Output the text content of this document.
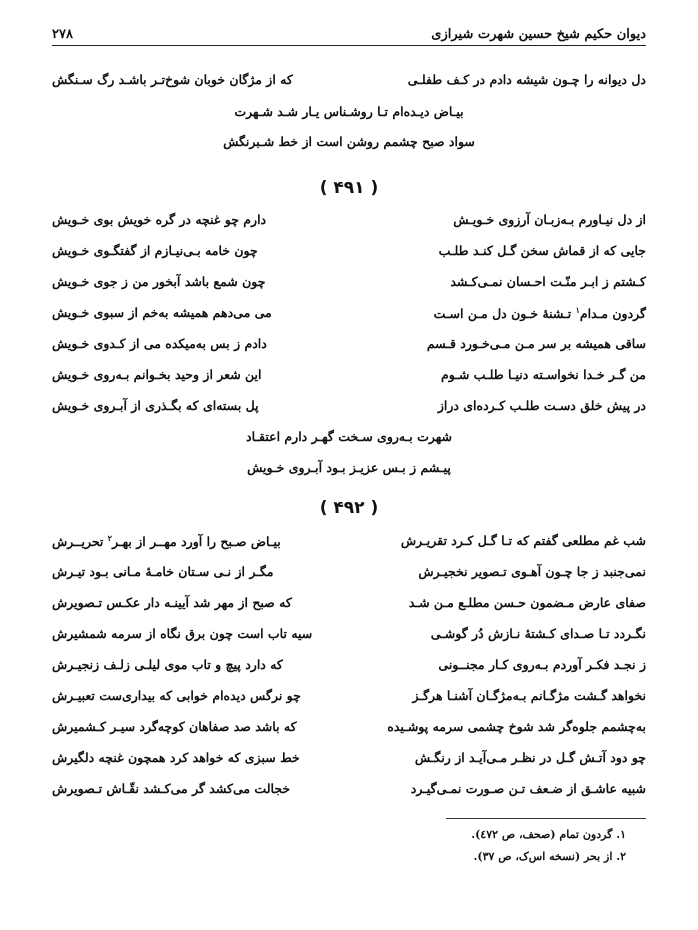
دیوان حکیم شیخ حسین شهرت شیرازی
۲۷۸
دل دیوانه را چـون شیشه دادم در کـف طفلـی
که از مژگان خوبان شوخ‌تـر باشـد رگ سـنگش
بیـاض دیـده‌ام تـا روشـناس یـار شـد شـهرت
سواد صبح چشمم روشن است از خط شـبرنگش
( ۴۹۱ )
از دل نیـاورم بـه‌زبـان آرزوی خـویـش
دارم چو غنچه در گره خویش بوی خـویش
جایی که از قماش سخن گـل کنـد طلـب
چون خامه بـی‌نیـازم از گفتگـوی خـویش
کـشتم ز ابـر منّـت احـسان نمـی‌کـشد
چون شمع باشد آبخور من ز جوی خـویش
گردون مـدام$^۱$ تـشنهٔ خـون دل مـن اسـت
می می‌دهم همیشه به‌خم از سبوی خـویش
ساقی همیشه بر سر مـن مـی‌خـورد قـسم
دادم ز بس به‌میکده می از کـدوی خـویش
من گـر خـدا نخواسـته دنیـا طلـب شـوم
این شعر از وحید بخـوانم بـه‌روی خـویش
در پیش خلق دسـت طلـب کـرده‌ای دراز
پل بسته‌ای که بگـذری از آبـروی خـویش
شهرت بـه‌روی سـخت گهـر دارم اعتقـاد
پیـشم ز بـس عزیـز بـود آبـروی خـویش
( ۴۹۲ )
شب غم مطلعی گفتم که تـا گـل کـرد تقریـرش
بیـاض صـبح را آورد مهــر از بهـر$^۲$ تحریــرش
نمی‌جنبد ز جا چـون آهـوی تـصویر نخجیـرش
مگـر از نـی سـتان خامـهٔ مـانی بـود تیـرش
صفای عارض مـضمون حـسن مطلـع مـن شـد
که صبح از مهر شد آیینـه دار عکـس تـصویرش
نگـردد تـا صـدای کـشتهٔ نـازش دُر گوشـی
سیه تاب است چون برق نگاه از سرمه شمشیرش
ز نجـد فکـر آوردم بـه‌روی کـار مجنــونی
که دارد پیچ و تاب موی لیلـی زلـف زنجیـرش
نخواهد گـشت مژگـانم بـه‌مژگـان آشنـا هرگـز
چو نرگس دیده‌ام خوابی که بیداری‌ست تعبیـرش
به‌چشمم جلوه‌گر شد شوخ چشمی سرمه پوشـیده
که باشد صد صفاهان کوچه‌گرد سیـر کـشمیرش
چو دود آتـش گـل در نظـر مـی‌آیـد از رنگـش
خط سبزی که خواهد کرد همچون غنچه دلگیرش
شبیه عاشـق از ضـعف تـن صـورت نمـی‌گیـرد
خجالت می‌کشد گر می‌کـشد نقّـاش تـصویرش
۱. گردون تمام (صحف، ص ٤٧٢).
۲. از بحر (نسخه اس‌ک، ص ۳۷).
